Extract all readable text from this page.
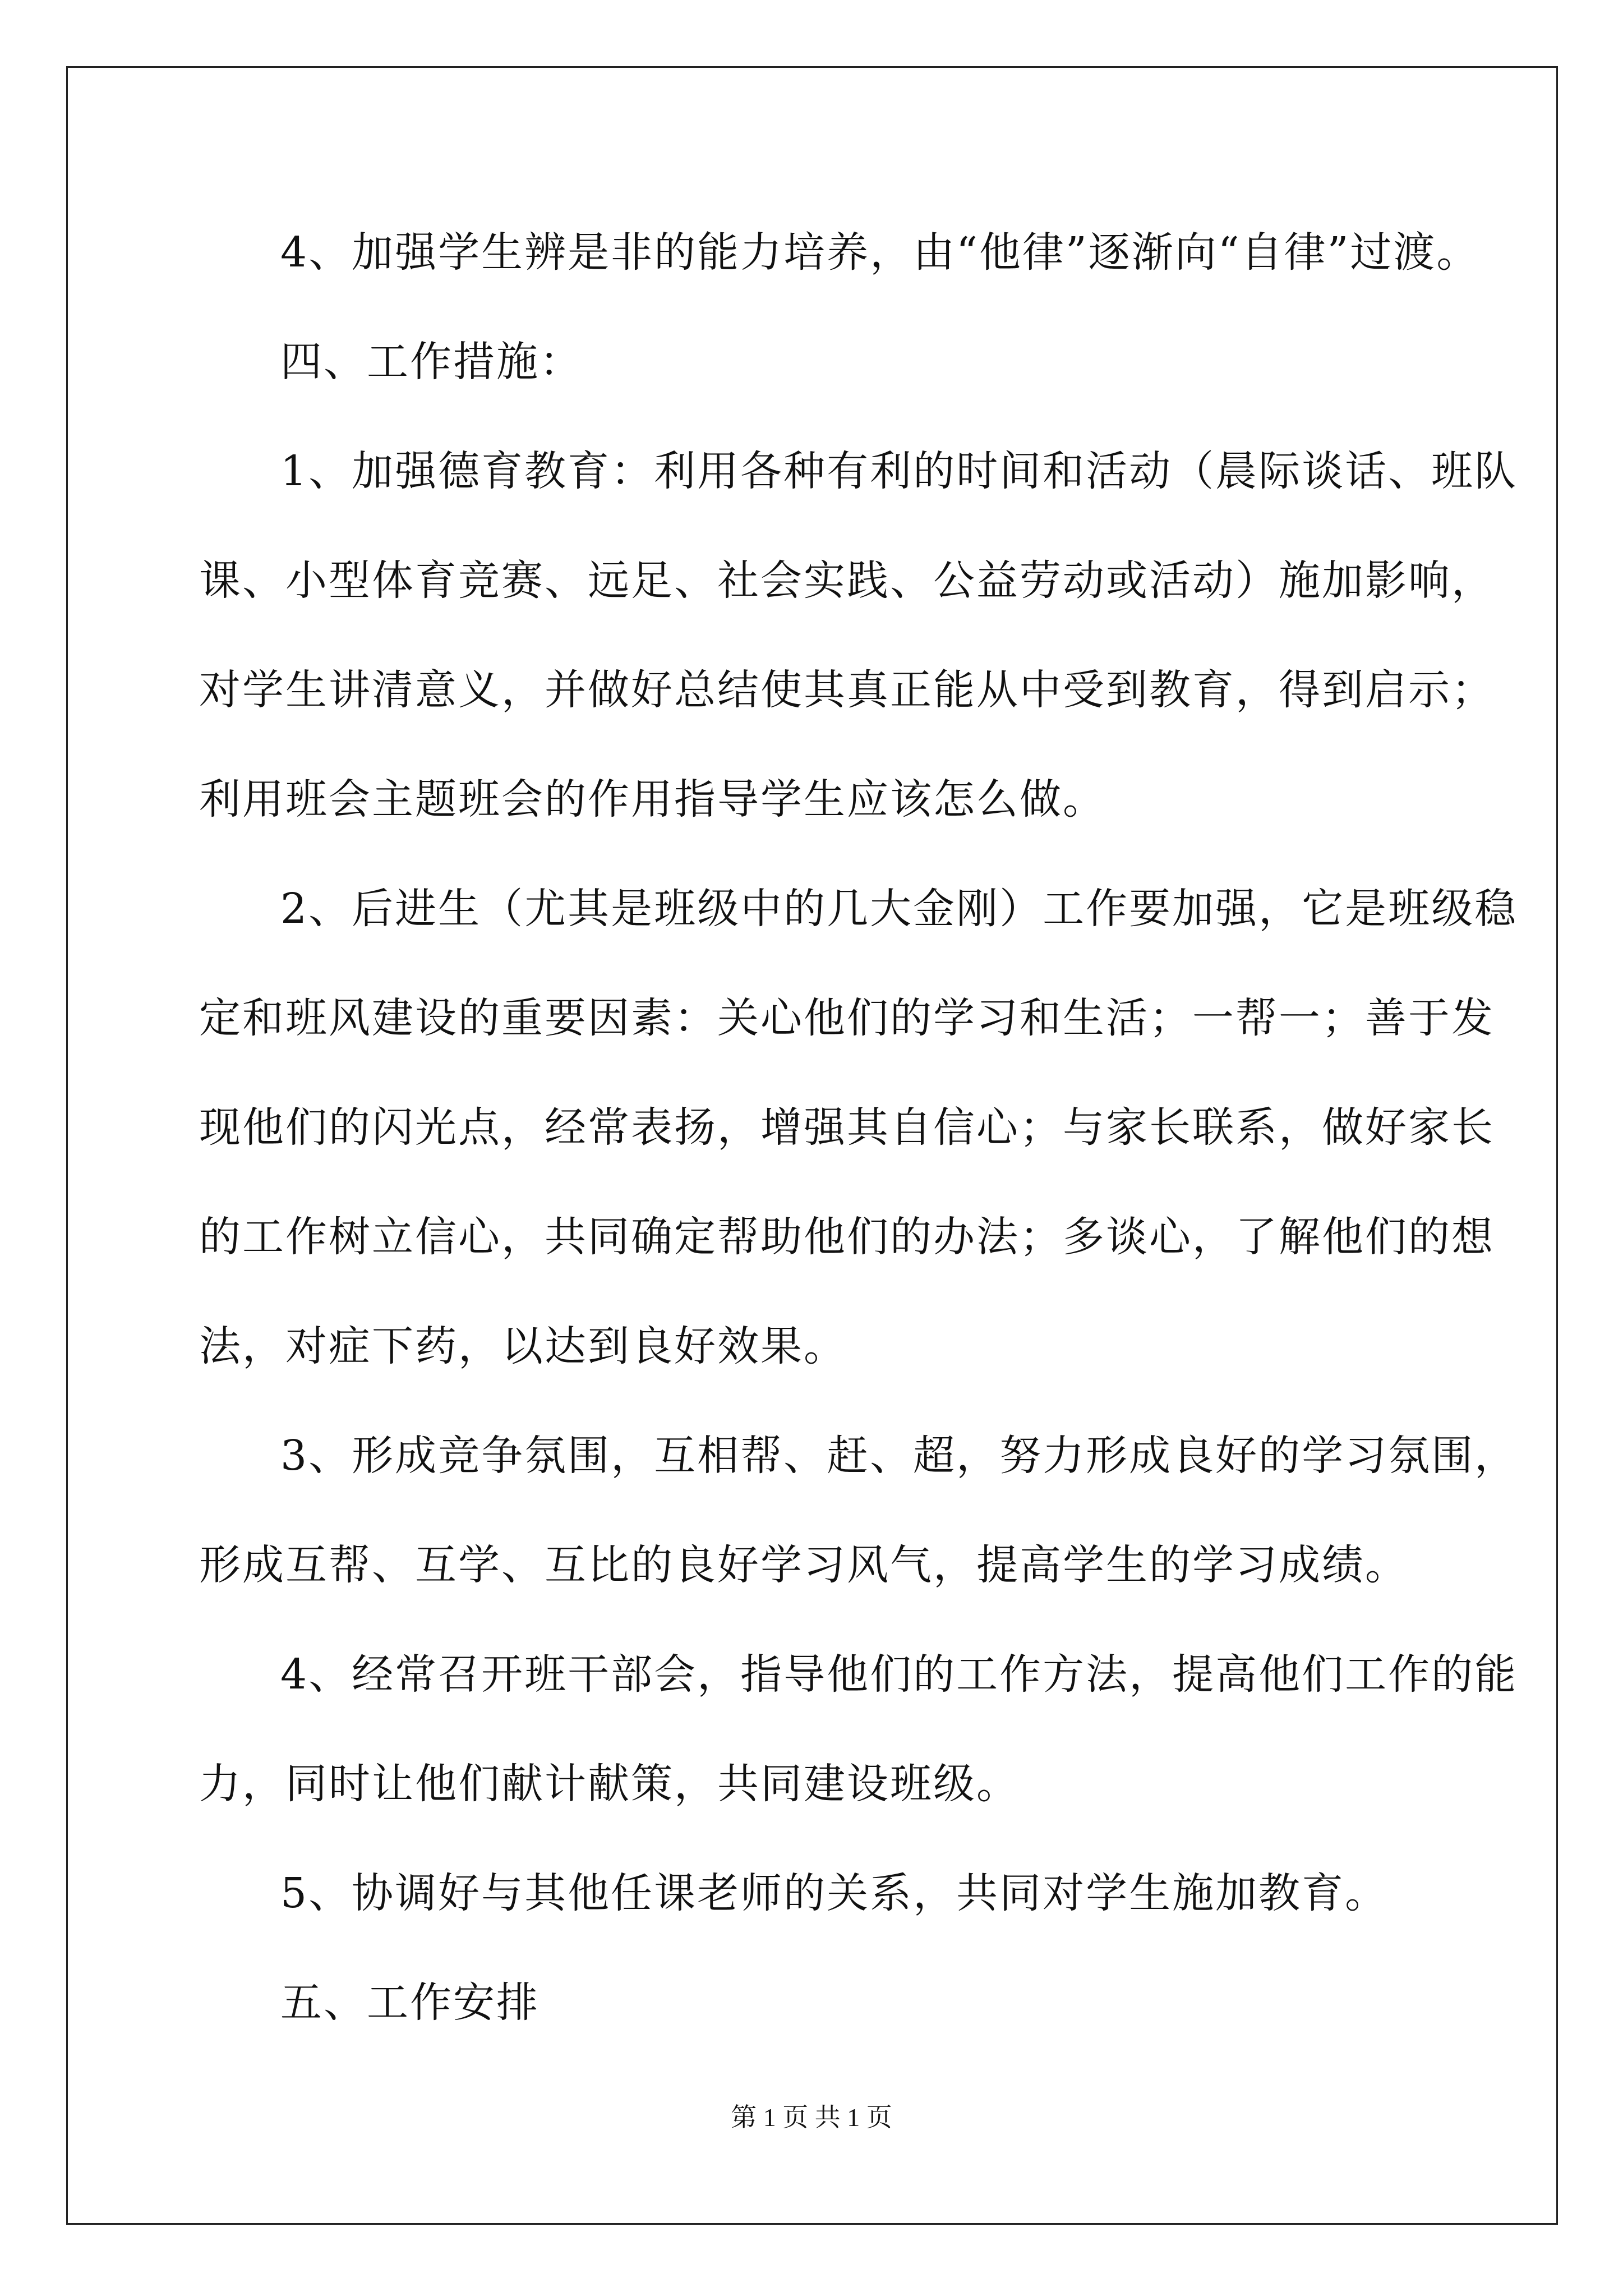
4、加强学生辨是非的能力培养，由“他律”逐渐向“自律”过渡。
四、工作措施：
1、加强德育教育：利用各种有利的时间和活动（晨际谈话、班队
课、小型体育竞赛、远足、社会实践、公益劳动或活动）施加影响，
对学生讲清意义，并做好总结使其真正能从中受到教育，得到启示；
利用班会主题班会的作用指导学生应该怎么做。
2、后进生（尤其是班级中的几大金刚）工作要加强，它是班级稳
定和班风建设的重要因素：关心他们的学习和生活；一帮一；善于发
现他们的闪光点，经常表扬，增强其自信心；与家长联系，做好家长
的工作树立信心，共同确定帮助他们的办法；多谈心，了解他们的想
法，对症下药，以达到良好效果。
3、形成竞争氛围，互相帮、赶、超，努力形成良好的学习氛围，
形成互帮、互学、互比的良好学习风气，提高学生的学习成绩。
4、经常召开班干部会，指导他们的工作方法，提高他们工作的能
力，同时让他们献计献策，共同建设班级。
5、协调好与其他任课老师的关系，共同对学生施加教育。
五、工作安排
第 1 页 共 1 页
